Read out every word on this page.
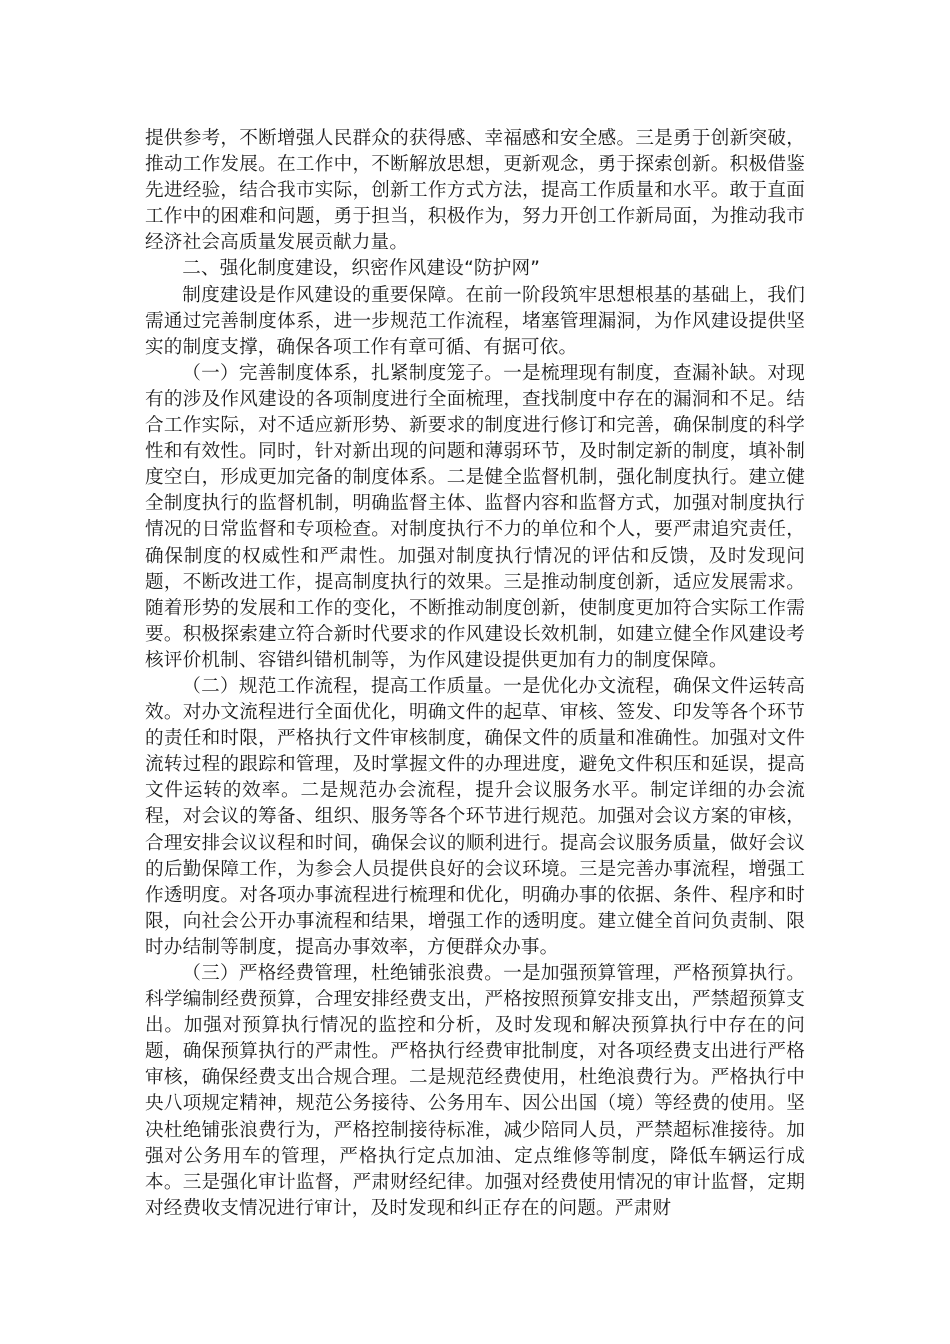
提供参考，不断增强人民群众的获得感、幸福感和安全感。三是勇于创新突破，推动工作发展。在工作中，不断解放思想，更新观念，勇于探索创新。积极借鉴先进经验，结合我市实际，创新工作方式方法，提高工作质量和水平。敢于直面工作中的困难和问题，勇于担当，积极作为，努力开创工作新局面，为推动我市经济社会高质量发展贡献力量。

二、强化制度建设，织密作风建设“防护网”

制度建设是作风建设的重要保障。在前一阶段筑牢思想根基的基础上，我们需通过完善制度体系，进一步规范工作流程，堵塞管理漏洞，为作风建设提供坚实的制度支撑，确保各项工作有章可循、有据可依。

（一）完善制度体系，扎紧制度笼子。一是梳理现有制度，查漏补缺。对现有的涉及作风建设的各项制度进行全面梳理，查找制度中存在的漏洞和不足。结合工作实际，对不适应新形势、新要求的制度进行修订和完善，确保制度的科学性和有效性。同时，针对新出现的问题和薄弱环节，及时制定新的制度，填补制度空白，形成更加完备的制度体系。二是健全监督机制，强化制度执行。建立健全制度执行的监督机制，明确监督主体、监督内容和监督方式，加强对制度执行情况的日常监督和专项检查。对制度执行不力的单位和个人，要严肃追究责任，确保制度的权威性和严肃性。加强对制度执行情况的评估和反馈，及时发现问题，不断改进工作，提高制度执行的效果。三是推动制度创新，适应发展需求。随着形势的发展和工作的变化，不断推动制度创新，使制度更加符合实际工作需要。积极探索建立符合新时代要求的作风建设长效机制，如建立健全作风建设考核评价机制、容错纠错机制等，为作风建设提供更加有力的制度保障。

（二）规范工作流程，提高工作质量。一是优化办文流程，确保文件运转高效。对办文流程进行全面优化，明确文件的起草、审核、签发、印发等各个环节的责任和时限，严格执行文件审核制度，确保文件的质量和准确性。加强对文件流转过程的跟踪和管理，及时掌握文件的办理进度，避免文件积压和延误，提高文件运转的效率。二是规范办会流程，提升会议服务水平。制定详细的办会流程，对会议的筹备、组织、服务等各个环节进行规范。加强对会议方案的审核，合理安排会议议程和时间，确保会议的顺利进行。提高会议服务质量，做好会议的后勤保障工作，为参会人员提供良好的会议环境。三是完善办事流程，增强工作透明度。对各项办事流程进行梳理和优化，明确办事的依据、条件、程序和时限，向社会公开办事流程和结果，增强工作的透明度。建立健全首问负责制、限时办结制等制度，提高办事效率，方便群众办事。

（三）严格经费管理，杜绝铺张浪费。一是加强预算管理，严格预算执行。科学编制经费预算，合理安排经费支出，严格按照预算安排支出，严禁超预算支出。加强对预算执行情况的监控和分析，及时发现和解决预算执行中存在的问题，确保预算执行的严肃性。严格执行经费审批制度，对各项经费支出进行严格审核，确保经费支出合规合理。二是规范经费使用，杜绝浪费行为。严格执行中央八项规定精神，规范公务接待、公务用车、因公出国（境）等经费的使用。坚决杜绝铺张浪费行为，严格控制接待标准，减少陪同人员，严禁超标准接待。加强对公务用车的管理，严格执行定点加油、定点维修等制度，降低车辆运行成本。三是强化审计监督，严肃财经纪律。加强对经费使用情况的审计监督，定期对经费收支情况进行审计，及时发现和纠正存在的问题。严肃财
